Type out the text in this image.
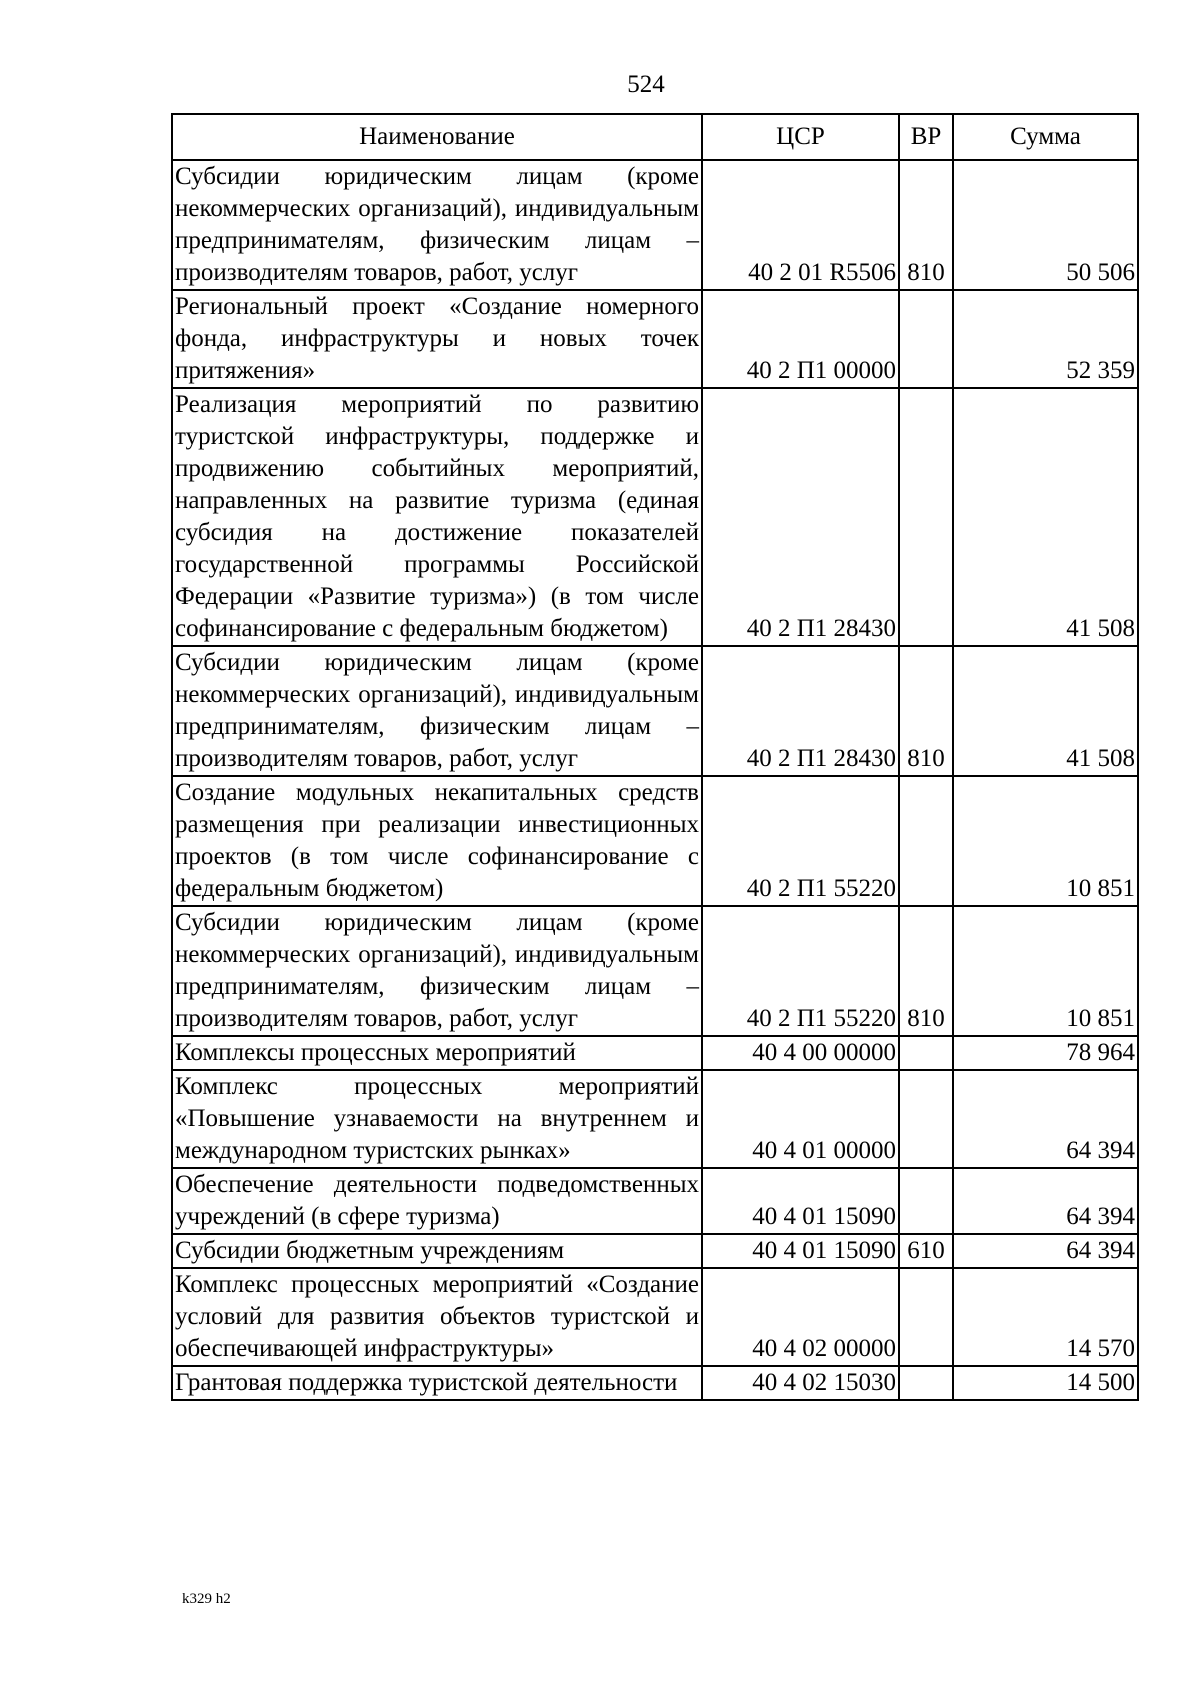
524
Наименование	ЦСР	ВР	Сумма
Субсидии юридическим лицам (кроме некоммерческих организаций), индивидуальным предпринимателям, физическим лицам – производителям товаров, работ, услуг	40 2 01 R5506	810	50 506
Региональный проект «Создание номерного фонда, инфраструктуры и новых точек притяжения»	40 2 П1 00000		52 359
Реализация мероприятий по развитию туристской инфраструктуры, поддержке и продвижению событийных мероприятий, направленных на развитие туризма (единая субсидия на достижение показателей государственной программы Российской Федерации «Развитие туризма») (в том числе софинансирование с федеральным бюджетом)	40 2 П1 28430		41 508
Субсидии юридическим лицам (кроме некоммерческих организаций), индивидуальным предпринимателям, физическим лицам – производителям товаров, работ, услуг	40 2 П1 28430	810	41 508
Создание модульных некапитальных средств размещения при реализации инвестиционных проектов (в том числе софинансирование с федеральным бюджетом)	40 2 П1 55220		10 851
Субсидии юридическим лицам (кроме некоммерческих организаций), индивидуальным предпринимателям, физическим лицам – производителям товаров, работ, услуг	40 2 П1 55220	810	10 851
Комплексы процессных мероприятий	40 4 00 00000		78 964
Комплекс процессных мероприятий «Повышение узнаваемости на внутреннем и международном туристских рынках»	40 4 01 00000		64 394
Обеспечение деятельности подведомственных учреждений (в сфере туризма)	40 4 01 15090		64 394
Субсидии бюджетным учреждениям	40 4 01 15090	610	64 394
Комплекс процессных мероприятий «Создание условий для развития объектов туристской и обеспечивающей инфраструктуры»	40 4 02 00000		14 570
Грантовая поддержка туристской деятельности	40 4 02 15030		14 500
k329 h2
